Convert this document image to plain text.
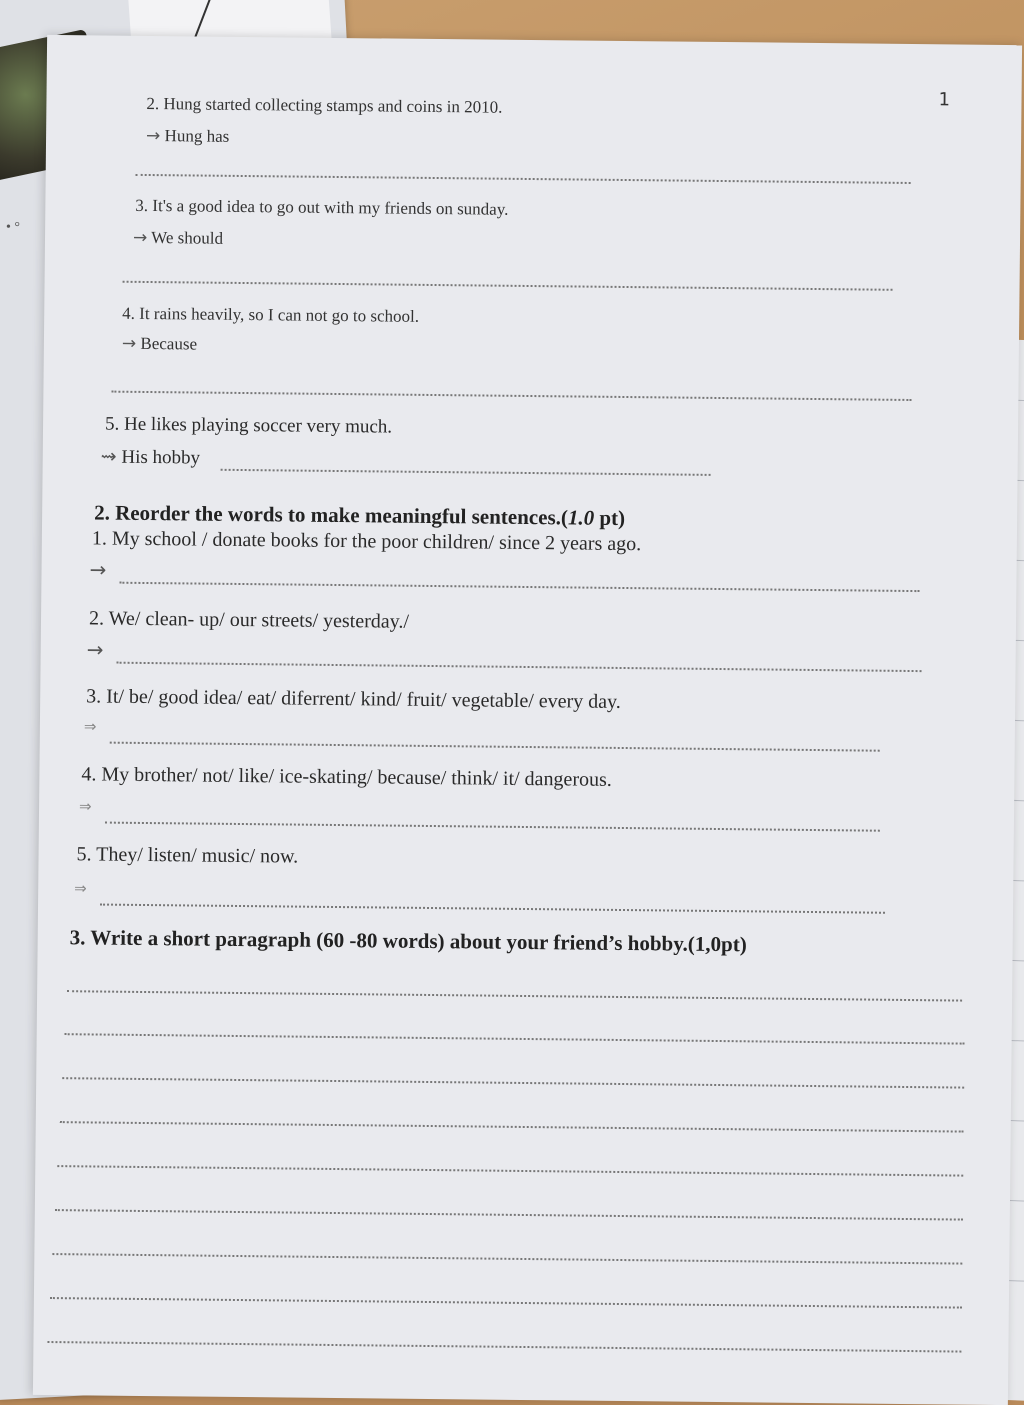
• °
1
2. Hung started collecting stamps and coins in 2010.
→ Hung has
3. It's a good idea to go out with my friends on sunday.
→ We should
4. It rains heavily, so I can not go to school.
→ Because
5. He likes playing soccer very much.
⇝ His hobby
2. Reorder the words to make meaningful sentences.(1.0 pt)
1. My school / donate books for the poor children/ since 2 years ago.
→
2. We/ clean- up/ our streets/ yesterday./
→
3. It/ be/ good idea/ eat/ diferrent/ kind/ fruit/ vegetable/ every day.
⇒
4. My brother/ not/ like/ ice-skating/ because/ think/ it/ dangerous.
⇒
5. They/ listen/ music/ now.
⇒
3. Write a short paragraph (60 -80 words) about your friend’s hobby.(1,0pt)
